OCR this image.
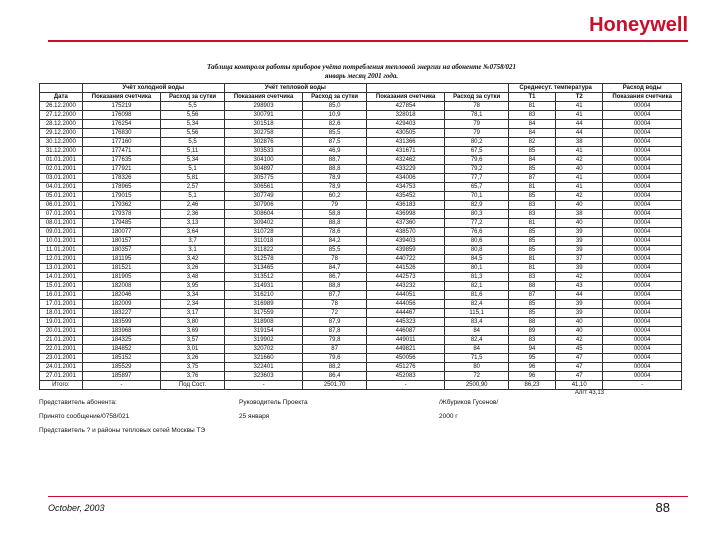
Honeywell
Таблица контроля работы приборов учёта потребления тепловой энергии на абоненте №0758/021
январь месяц 2001 года.
	Учёт холодной воды		Учёт тепловой воды				Среднесут. температура		Расход воды
Дата	Показания счетчика	Расход за сутки	Показания счетчика	Расход за сутки	Показания счетчика	Расход за сутки	Т1	Т2	Показания счетчика
26.12.2000	175219	5,5	298903	85,0	427854	78	81	41	00004
27.12.2000	176098	5,56	300791	10,9	328018	78,1	83	41	00004
28.12.2000	176254	5,34	301518	82,6	429403	79	84	44	00004
29.12.2000	176830	5,56	302758	85,5	430505	79	84	44	00004
30.12.2000	177160	5,5	302876	87,5	431366	80,2	82	38	00004
31.12.2000	177471	5,11	303533	46,9	431671	67,5	85	41	00004
01.01.2001	177635	5,34	304100	88,7	432462	79,6	84	42	00004
02.01.2001	177921	5,1	304897	88,8	433229	79,2	85	40	00004
03.01.2001	178326	5,81	305775	78,9	434006	77,7	87	41	00004
04.01.2001	178965	2,57	306561	78,9	434753	65,7	81	41	00004
05.01.2001	179015	5,1	307749	60,2	435452	70,1	85	42	00004
06.01.2001	179362	2,46	307906	79	436183	82,9	83	40	00004
07.01.2001	179378	2,36	308604	58,8	436998	80,3	83	38	00004
08.01.2001	179485	3,13	309402	88,8	437360	77,2	81	40	00004
09.01.2001	180077	3,64	310728	78,6	438570	76,6	85	39	00004
10.01.2001	180157	3,7	311018	84,2	439403	80,6	85	39	00004
11.01.2001	180357	3,1	311822	85,5	439859	80,8	85	39	00004
12.01.2001	181195	3,42	312578	78	440722	84,5	81	37	00004
13.01.2001	181521	3,26	313465	84,7	441526	80,1	81	39	00004
14.01.2001	181905	3,48	313512	86,7	442573	81,3	83	42	00004
15.01.2001	182008	3,95	314931	88,8	443232	82,1	88	43	00004
16.01.2001	182046	3,34	316210	87,7	444051	81,6	87	44	00004
17.01.2001	182009	2,34	316989	78	444056	82,4	85	39	00004
18.01.2001	183227	3,17	317559	72	444467	115,1	85	39	00004
19.01.2001	183599	3,80	318908	87,9	445323	83,4	88	40	00004
20.01.2001	183968	3,69	319154	87,8	446087	84	89	40	00004
21.01.2001	184325	3,57	319902	79,8	449011	82,4	83	42	00004
22.01.2001	184852	3,01	320702	87	449821	84	94	45	00004
23.01.2001	185152	3,26	321660	79,6	450056	71,5	95	47	00004
24.01.2001	185529	3,75	322401	88,2	451276	80	96	47	00004
27.01.2001	185897	3,76	323603	86,4	452083	72	96	47	00004
Итого:	-	Под Сост.	-	2501,70	-	2500,90	86,23	41,10	-
Алгт 43,13
Представитель абонента:	Руководитель Проекта	/Жбуриков Гусенов/
Принято сообщение/0758/021	25 января	2000 г
Представитель ? и районы тепловых сетей Москвы ТЭ
October, 2003	88
